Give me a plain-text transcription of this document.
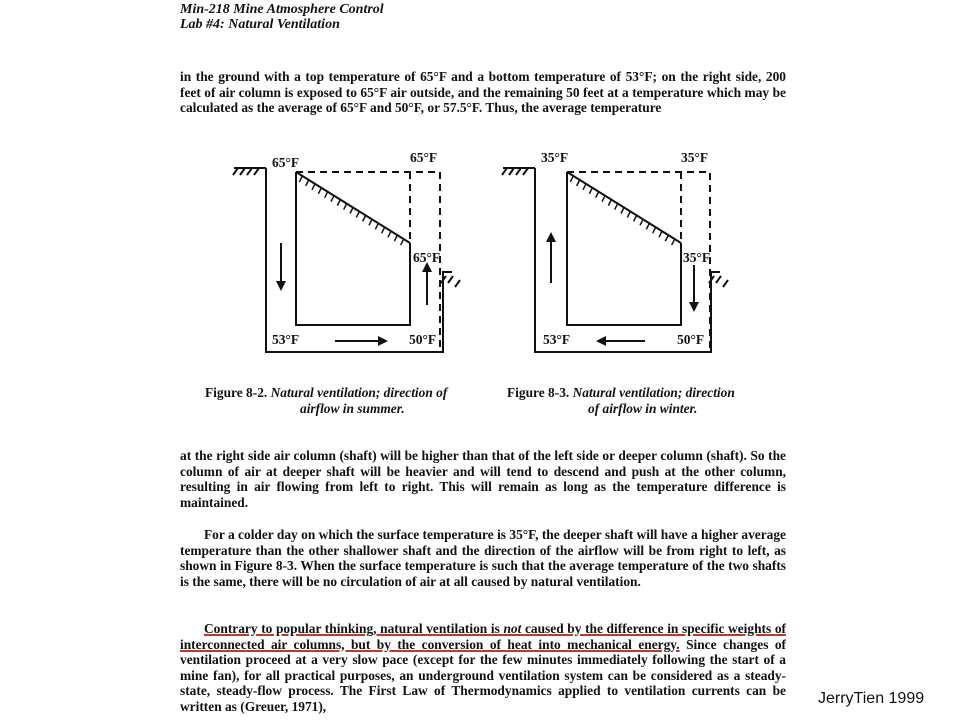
Min-218 Mine Atmosphere Control
Lab #4: Natural Ventilation

in the ground with a top temperature of 65°F and a bottom temperature of 53°F; on the right side, 200 feet of air column is exposed to 65°F air outside, and the remaining 50 feet at a temperature which may be calculated as the average of 65°F and 50°F, or 57.5°F. Thus, the average temperature

65°F	65°F
65°F
53°F	50°F
35°F	35°F
35°F
53°F	50°F
Figure 8-2. Natural ventilation; direction of
airflow in summer.
Figure 8-3. Natural ventilation; direction
of airflow in winter.

at the right side air column (shaft) will be higher than that of the left side or deeper column (shaft). So the column of air at deeper shaft will be heavier and will tend to descend and push at the other column, resulting in air flowing from left to right. This will remain as long as the temperature difference is maintained.

For a colder day on which the surface temperature is 35°F, the deeper shaft will have a higher average temperature than the other shallower shaft and the direction of the airflow will be from right to left, as shown in Figure 8-3. When the surface temperature is such that the average temperature of the two shafts is the same, there will be no circulation of air at all caused by natural ventilation.

Contrary to popular thinking, natural ventilation is not caused by the difference in specific weights of interconnected air columns, but by the conversion of heat into mechanical energy. Since changes of ventilation proceed at a very slow pace (except for the few minutes immediately following the start of a mine fan), for all practical purposes, an underground ventilation system can be considered as a steady-state, steady-flow process. The First Law of Thermodynamics applied to ventilation currents can be written as (Greuer, 1971),	JerryTien 1999
